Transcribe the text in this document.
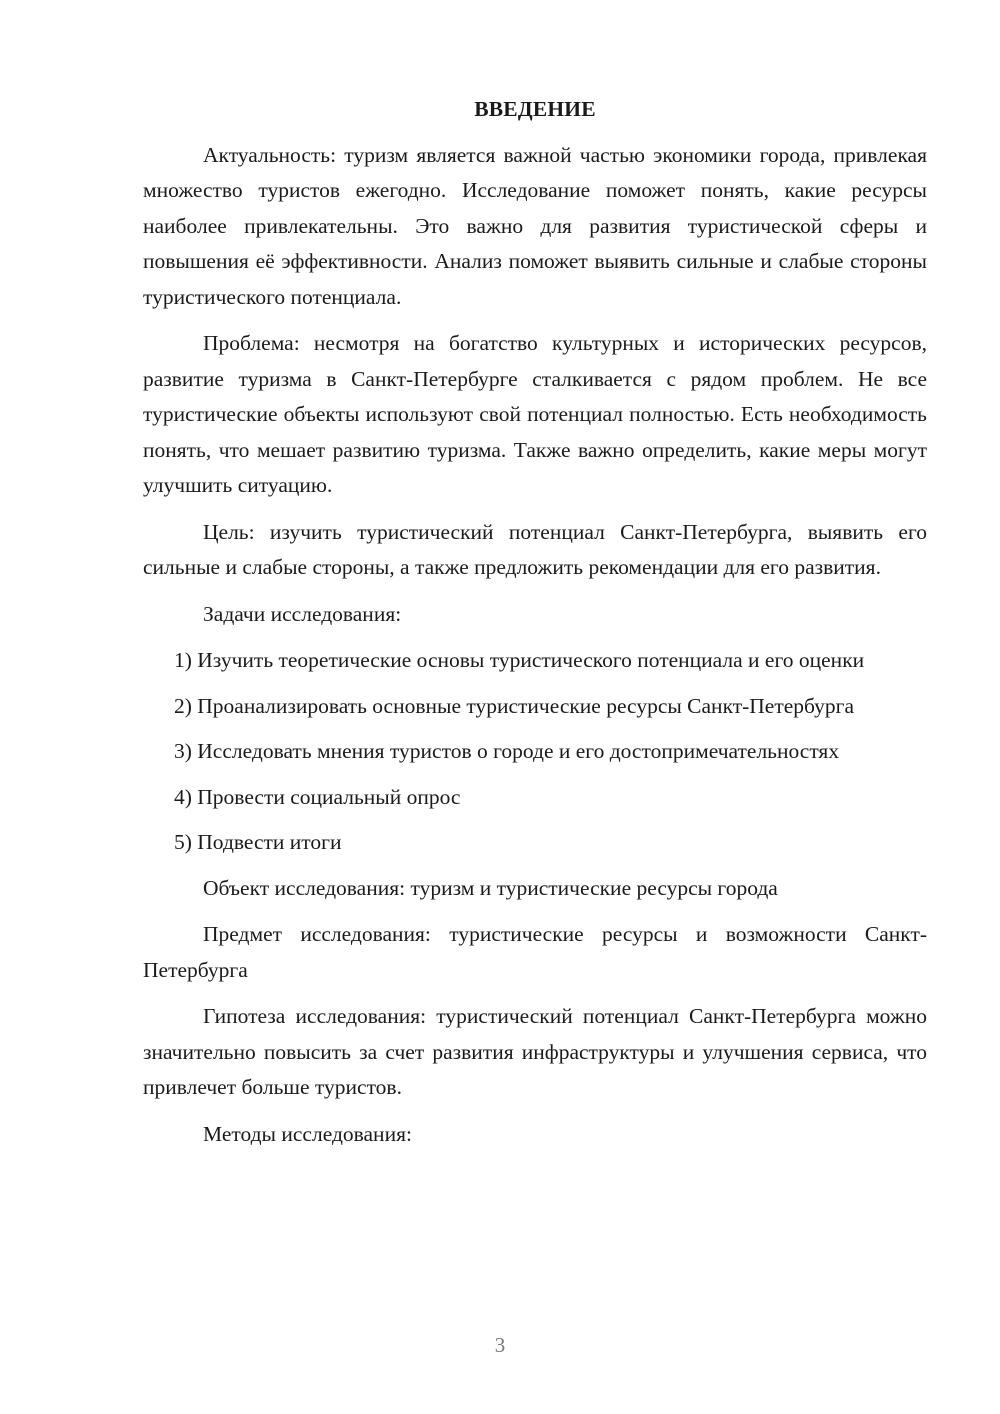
ВВЕДЕНИЕ

Актуальность: туризм является важной частью экономики города, привлекая множество туристов ежегодно. Исследование поможет понять, какие ресурсы наиболее привлекательны. Это важно для развития туристической сферы и повышения её эффективности. Анализ поможет выявить сильные и слабые стороны туристического потенциала.

Проблема: несмотря на богатство культурных и исторических ресурсов, развитие туризма в Санкт-Петербурге сталкивается с рядом проблем. Не все туристические объекты используют свой потенциал полностью. Есть необходимость понять, что мешает развитию туризма. Также важно определить, какие меры могут улучшить ситуацию.

Цель: изучить туристический потенциал Санкт-Петербурга, выявить его сильные и слабые стороны, а также предложить рекомендации для его развития.

Задачи исследования:

1) Изучить теоретические основы туристического потенциала и его оценки

2) Проанализировать основные туристические ресурсы Санкт-Петербурга

3) Исследовать мнения туристов о городе и его достопримечательностях

4) Провести социальный опрос

5) Подвести итоги

Объект исследования: туризм и туристические ресурсы города

Предмет исследования: туристические ресурсы и возможности Санкт-Петербурга

Гипотеза исследования: туристический потенциал Санкт-Петербурга можно значительно повысить за счет развития инфраструктуры и улучшения сервиса, что привлечет больше туристов.

Методы исследования:

3
